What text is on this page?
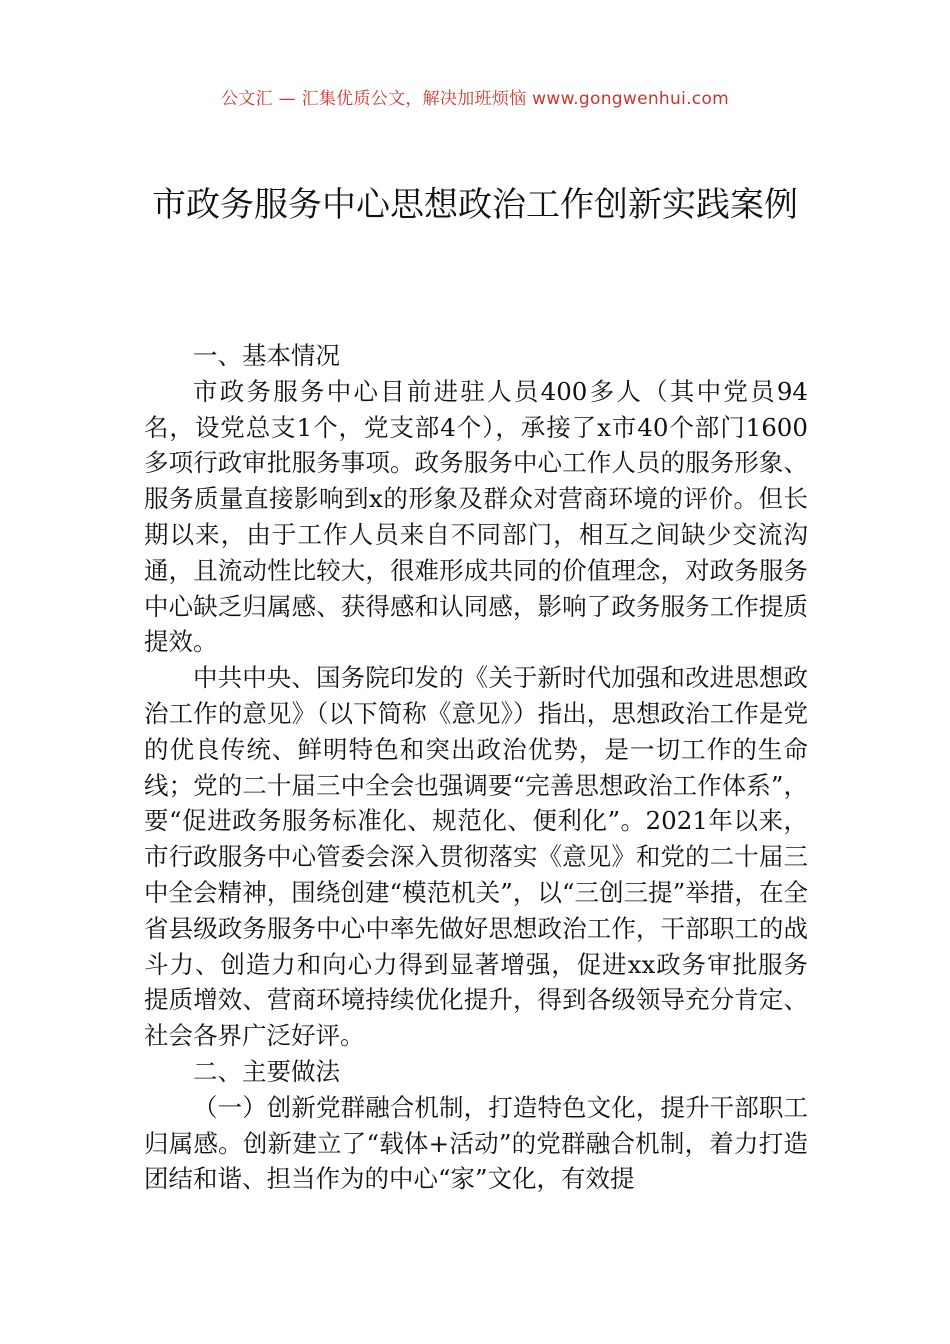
公文汇 — 汇集优质公文，解决加班烦恼 www.gongwenhui.com
市政务服务中心思想政治工作创新实践案例

一、基本情况

市政务服务中心目前进驻人员400多人（其中党员94名，设党总支1个，党支部4个），承接了x市40个部门1600多项行政审批服务事项。政务服务中心工作人员的服务形象、服务质量直接影响到x的形象及群众对营商环境的评价。但长期以来，由于工作人员来自不同部门，相互之间缺少交流沟通，且流动性比较大，很难形成共同的价值理念，对政务服务中心缺乏归属感、获得感和认同感，影响了政务服务工作提质提效。

中共中央、国务院印发的《关于新时代加强和改进思想政治工作的意见》（以下简称《意见》）指出，思想政治工作是党的优良传统、鲜明特色和突出政治优势，是一切工作的生命线；党的二十届三中全会也强调要“完善思想政治工作体系”，要“促进政务服务标准化、规范化、便利化”。2021年以来，市行政服务中心管委会深入贯彻落实《意见》和党的二十届三中全会精神，围绕创建“模范机关”，以“三创三提”举措，在全省县级政务服务中心中率先做好思想政治工作，干部职工的战斗力、创造力和向心力得到显著增强，促进xx政务审批服务提质增效、营商环境持续优化提升，得到各级领导充分肯定、社会各界广泛好评。

二、主要做法

（一）创新党群融合机制，打造特色文化，提升干部职工归属感。创新建立了“载体+活动”的党群融合机制，着力打造团结和谐、担当作为的中心“家”文化，有效提
